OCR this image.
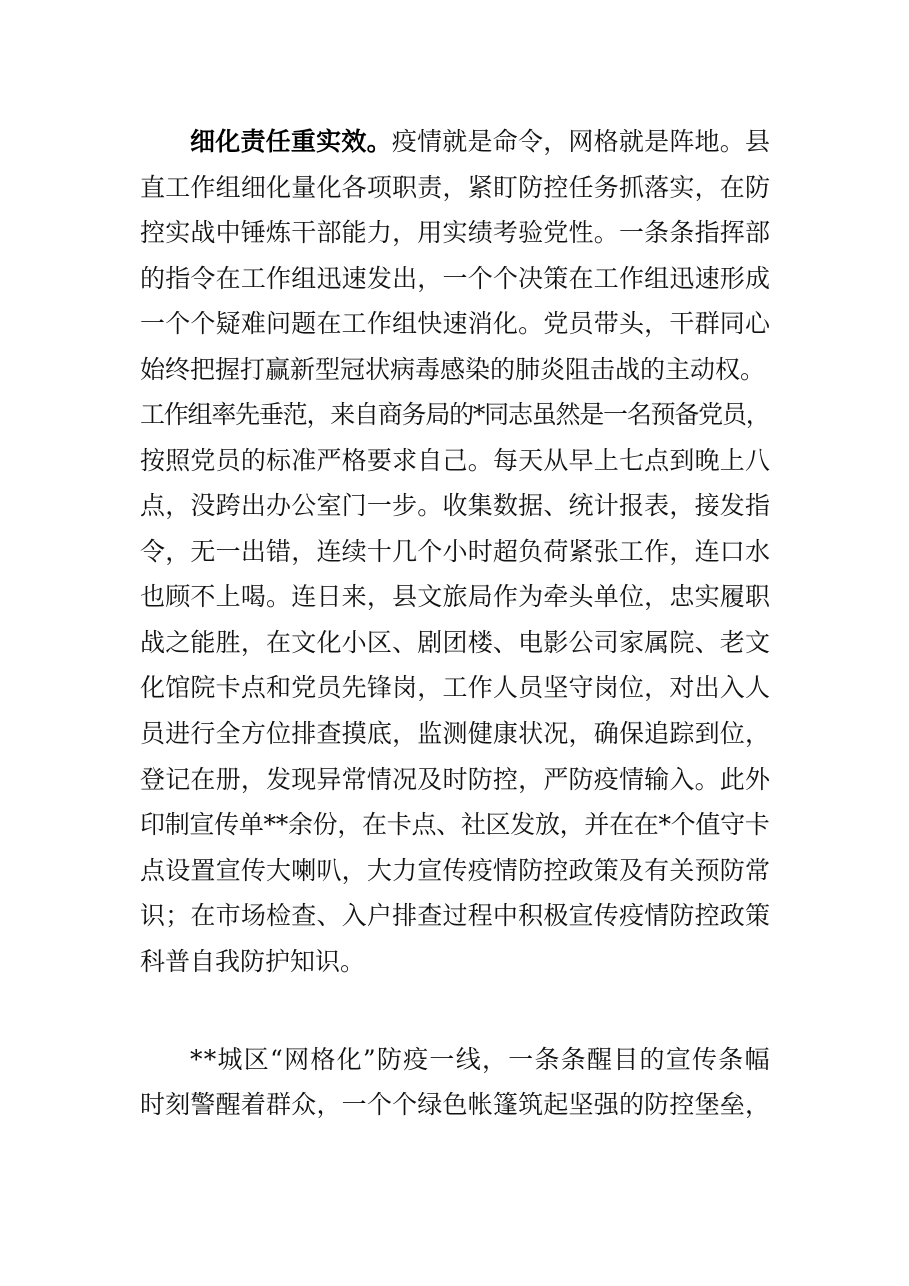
细化责任重实效。疫情就是命令，网格就是阵地。县

直工作组细化量化各项职责，紧盯防控任务抓落实，在防

控实战中锤炼干部能力，用实绩考验党性。一条条指挥部

的指令在工作组迅速发出，一个个决策在工作组迅速形成

一个个疑难问题在工作组快速消化。党员带头，干群同心

始终把握打赢新型冠状病毒感染的肺炎阻击战的主动权。

工作组率先垂范，来自商务局的*同志虽然是一名预备党员，

按照党员的标准严格要求自己。每天从早上七点到晚上八

点，没跨出办公室门一步。收集数据、统计报表，接发指

令，无一出错，连续十几个小时超负荷紧张工作，连口水

也顾不上喝。连日来，县文旅局作为牵头单位，忠实履职

战之能胜，在文化小区、剧团楼、电影公司家属院、老文

化馆院卡点和党员先锋岗，工作人员坚守岗位，对出入人

员进行全方位排查摸底，监测健康状况，确保追踪到位，

登记在册，发现异常情况及时防控，严防疫情输入。此外

印制宣传单**余份，在卡点、社区发放，并在在*个值守卡

点设置宣传大喇叭，大力宣传疫情防控政策及有关预防常

识；在市场检查、入户排查过程中积极宣传疫情防控政策

科普自我防护知识。

**城区“网格化”防疫一线，一条条醒目的宣传条幅

时刻警醒着群众，一个个绿色帐篷筑起坚强的防控堡垒，
